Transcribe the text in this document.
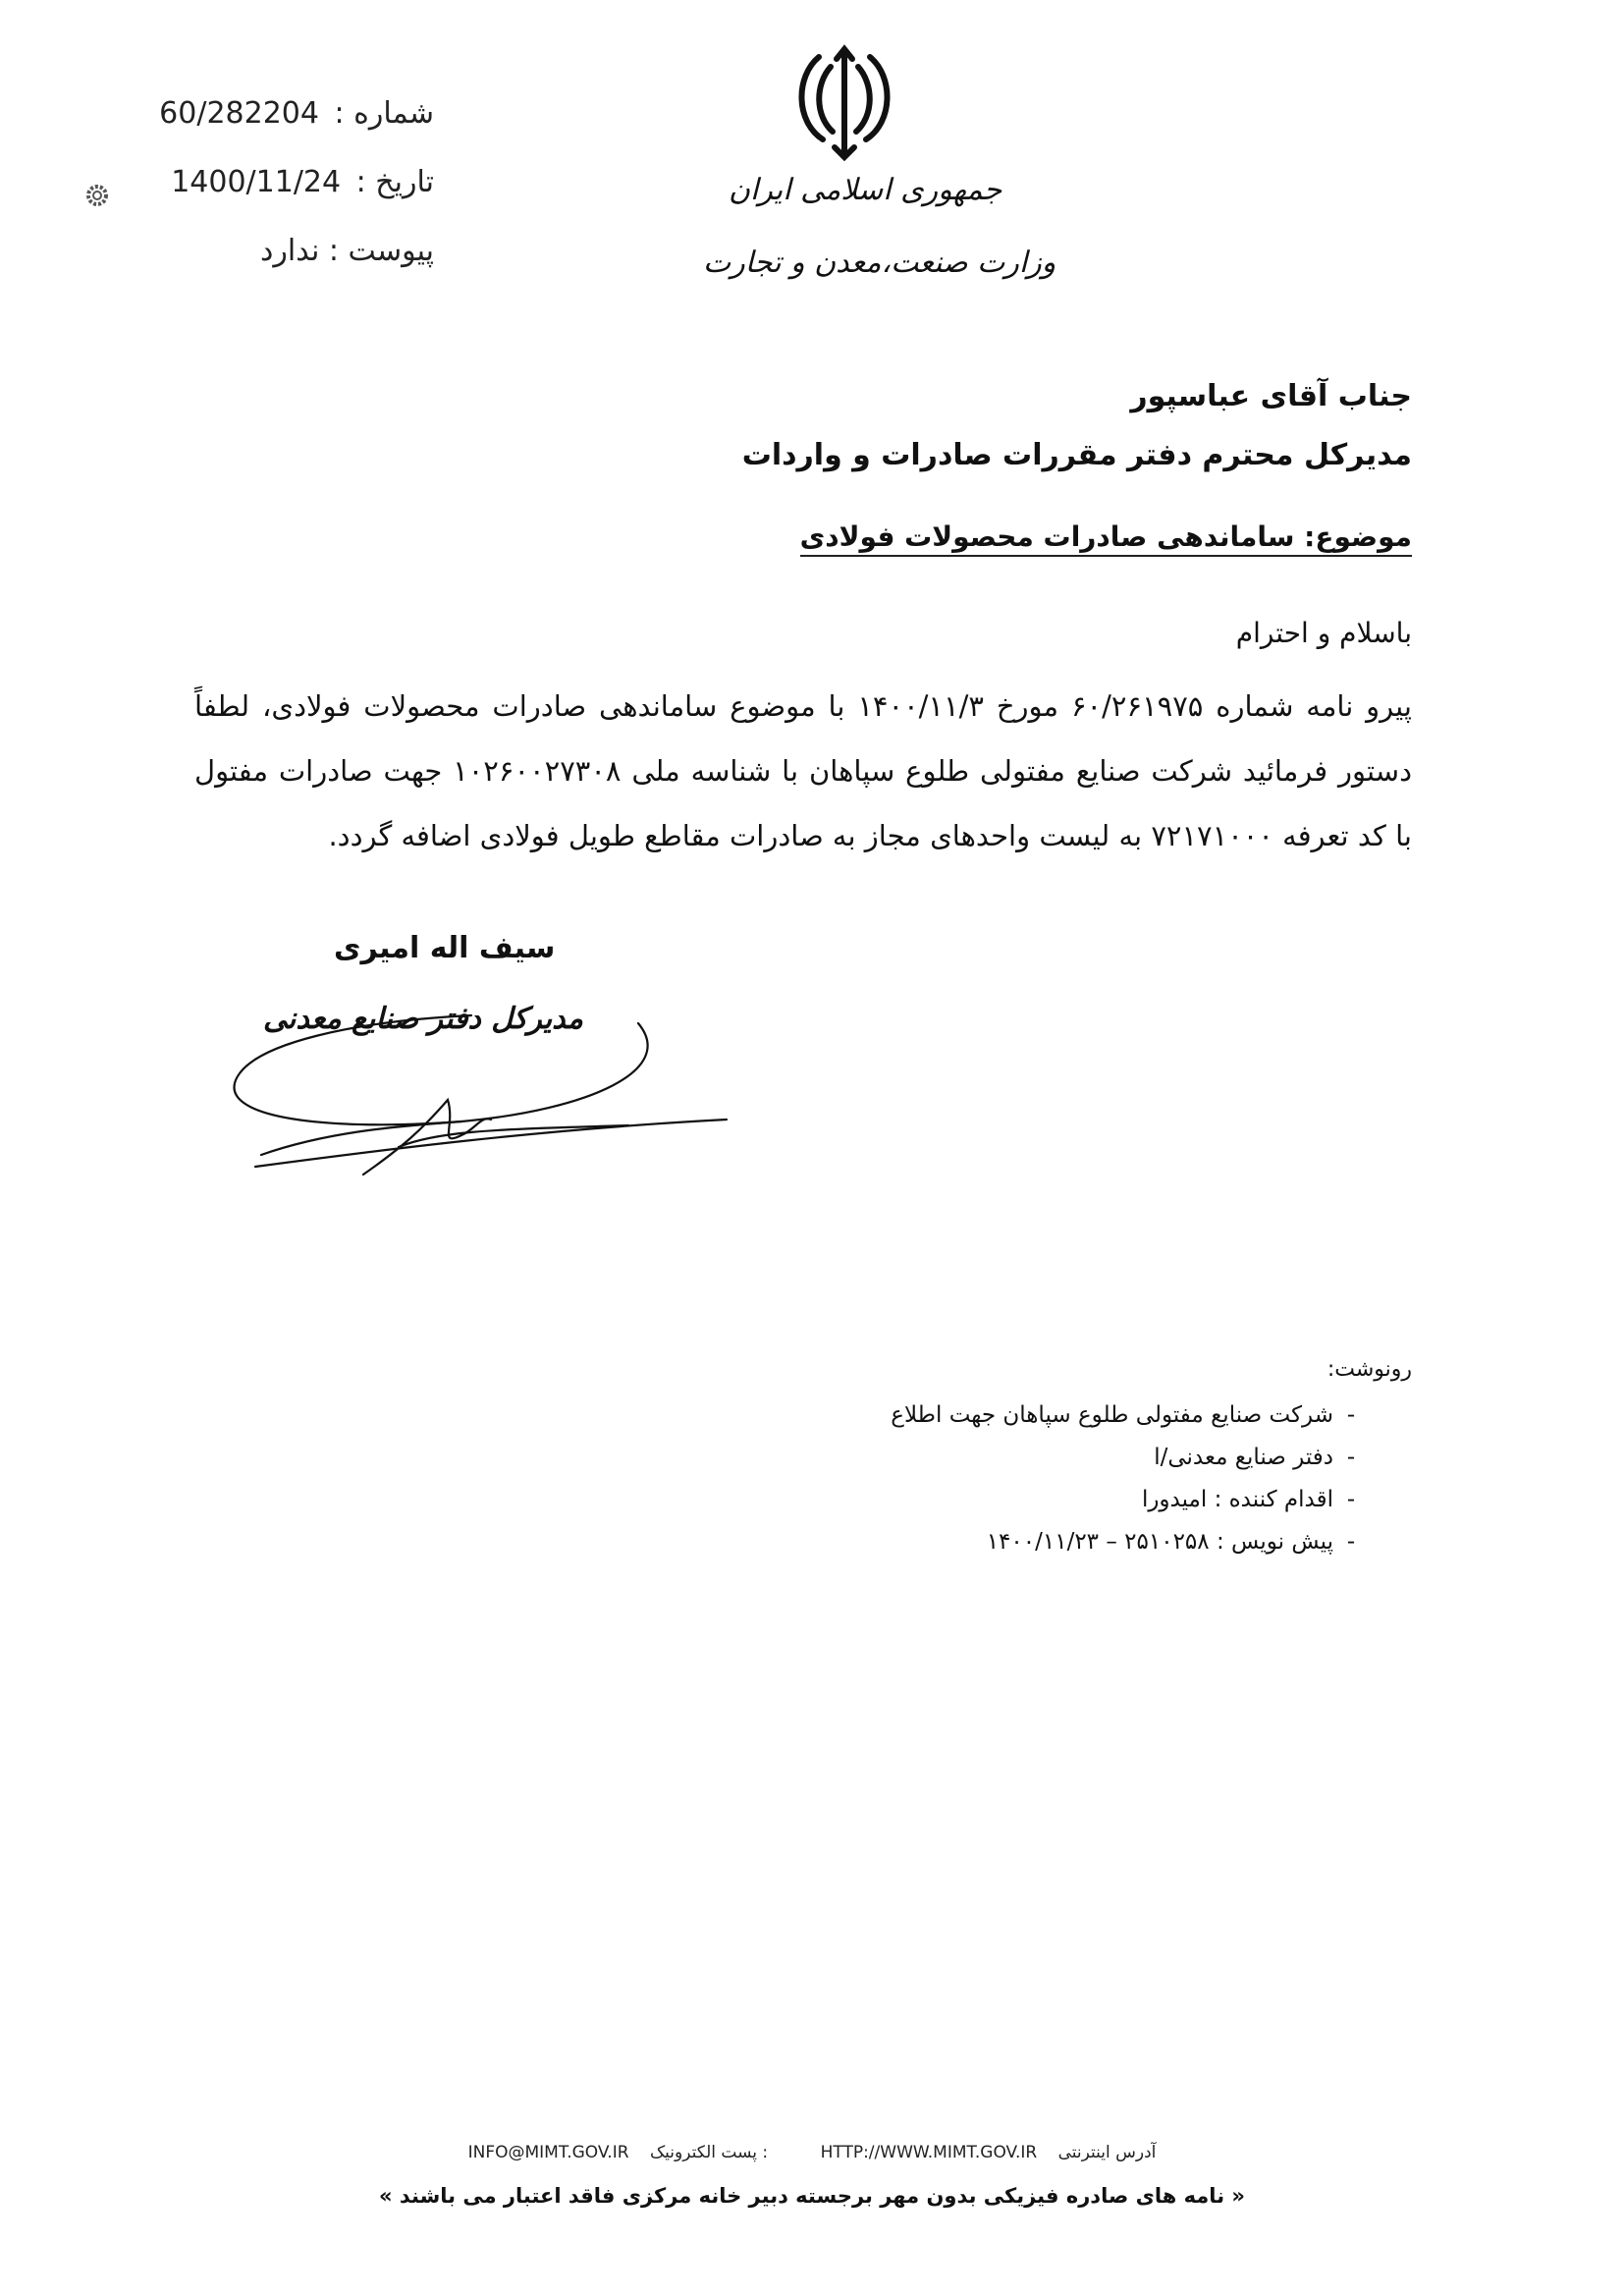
شماره : 60/282204
تاریخ : 1400/11/24
پیوست : ندارد
جمهوری اسلامی ایران
وزارت صنعت،معدن و تجارت
جناب آقای عباسپور
مدیرکل محترم دفتر مقررات صادرات و واردات
موضوع: ساماندهی صادرات محصولات فولادی
باسلام و احترام
پیرو نامه شماره ۶۰/۲۶۱۹۷۵ مورخ ۱۴۰۰/۱۱/۳ با موضوع ساماندهی صادرات محصولات فولادی، لطفاً دستور فرمائید شرکت صنایع مفتولی طلوع سپاهان با شناسه ملی ۱۰۲۶۰۰۲۷۳۰۸ جهت صادرات مفتول با کد تعرفه ۷۲۱۷۱۰۰۰ به لیست واحدهای مجاز به صادرات مقاطع طویل فولادی اضافه گردد.
سیف اله امیری
مدیرکل دفتر صنایع معدنی
رونوشت:
-شرکت صنایع مفتولی طلوع سپاهان جهت اطلاع
-دفتر صنایع معدنی/ا
-اقدام کننده : امیدورا
-پیش نویس : ۲۵۱۰۲۵۸ – ۱۴۰۰/۱۱/۲۳
INFO@MIMT.GOV.IR پست الکترونیک :	HTTP://WWW.MIMT.GOV.IR آدرس اینترنتی
« نامه های صادره فیزیکی بدون مهر برجسته دبیر خانه مرکزی فاقد اعتبار می باشند »
